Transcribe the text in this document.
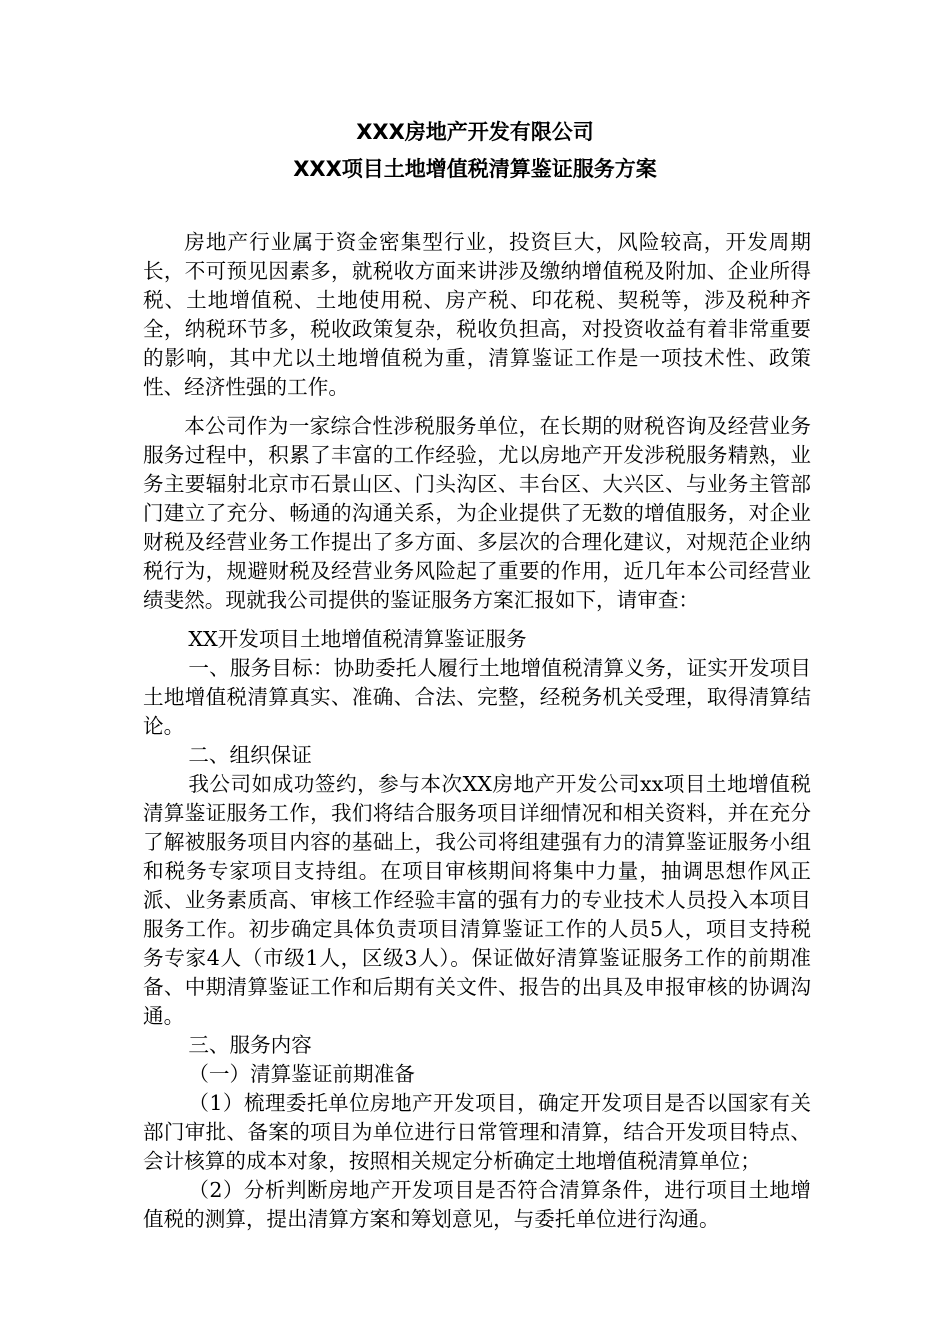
XXX房地产开发有限公司
XXX项目土地增值税清算鉴证服务方案

房地产行业属于资金密集型行业，投资巨大，风险较高，开发周期长，不可预见因素多，就税收方面来讲涉及缴纳增值税及附加、企业所得税、土地增值税、土地使用税、房产税、印花税、契税等，涉及税种齐全，纳税环节多，税收政策复杂，税收负担高，对投资收益有着非常重要的影响，其中尤以土地增值税为重，清算鉴证工作是一项技术性、政策性、经济性强的工作。

本公司作为一家综合性涉税服务单位，在长期的财税咨询及经营业务服务过程中，积累了丰富的工作经验，尤以房地产开发涉税服务精熟，业务主要辐射北京市石景山区、门头沟区、丰台区、大兴区、与业务主管部门建立了充分、畅通的沟通关系，为企业提供了无数的增值服务，对企业财税及经营业务工作提出了多方面、多层次的合理化建议，对规范企业纳税行为，规避财税及经营业务风险起了重要的作用，近几年本公司经营业绩斐然。现就我公司提供的鉴证服务方案汇报如下，请审查：

XX开发项目土地增值税清算鉴证服务

一、服务目标：协助委托人履行土地增值税清算义务，证实开发项目土地增值税清算真实、准确、合法、完整，经税务机关受理，取得清算结论。

二、组织保证

我公司如成功签约，参与本次XX房地产开发公司xx项目土地增值税清算鉴证服务工作，我们将结合服务项目详细情况和相关资料，并在充分了解被服务项目内容的基础上，我公司将组建强有力的清算鉴证服务小组和税务专家项目支持组。在项目审核期间将集中力量，抽调思想作风正派、业务素质高、审核工作经验丰富的强有力的专业技术人员投入本项目服务工作。初步确定具体负责项目清算鉴证工作的人员5人，项目支持税务专家4人（市级1人，区级3人）。保证做好清算鉴证服务工作的前期准备、中期清算鉴证工作和后期有关文件、报告的出具及申报审核的协调沟通。

三、服务内容

（一）清算鉴证前期准备

（1）梳理委托单位房地产开发项目，确定开发项目是否以国家有关部门审批、备案的项目为单位进行日常管理和清算，结合开发项目特点、会计核算的成本对象，按照相关规定分析确定土地增值税清算单位；

（2）分析判断房地产开发项目是否符合清算条件，进行项目土地增值税的测算，提出清算方案和筹划意见，与委托单位进行沟通。
